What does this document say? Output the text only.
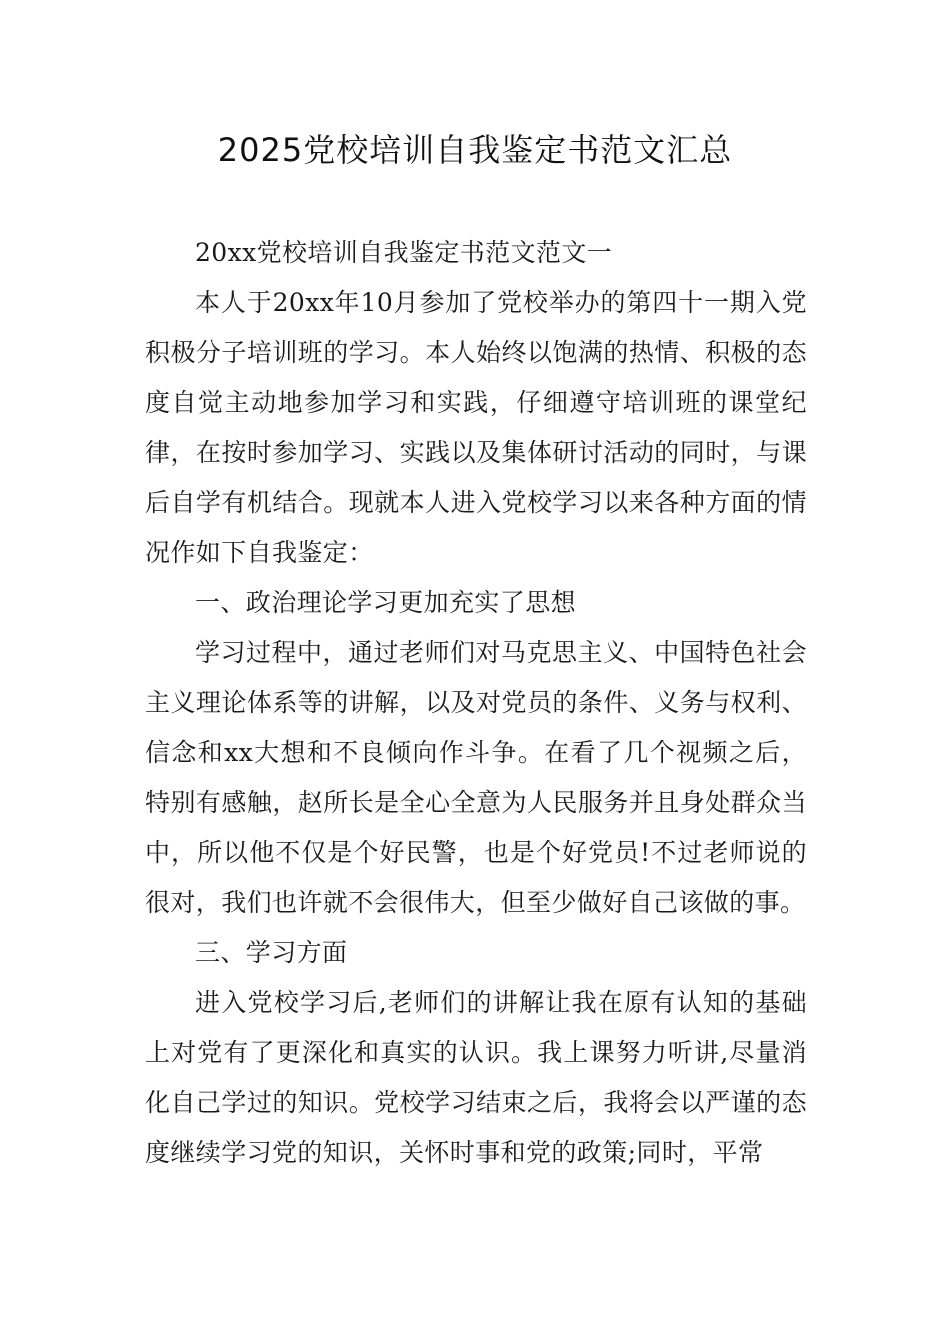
2025党校培训自我鉴定书范文汇总

20xx党校培训自我鉴定书范文范文一

本人于20xx年10月参加了党校举办的第四十一期入党积极分子培训班的学习。本人始终以饱满的热情、积极的态度自觉主动地参加学习和实践，仔细遵守培训班的课堂纪律，在按时参加学习、实践以及集体研讨活动的同时，与课后自学有机结合。现就本人进入党校学习以来各种方面的情况作如下自我鉴定：

一、政治理论学习更加充实了思想

学习过程中，通过老师们对马克思主义、中国特色社会主义理论体系等的讲解，以及对党员的条件、义务与权利、信念和xx大想和不良倾向作斗争。在看了几个视频之后，特别有感触，赵所长是全心全意为人民服务并且身处群众当中，所以他不仅是个好民警，也是个好党员!不过老师说的很对，我们也许就不会很伟大，但至少做好自己该做的事。

三、学习方面

进入党校学习后,老师们的讲解让我在原有认知的基础上对党有了更深化和真实的认识。我上课努力听讲,尽量消化自己学过的知识。党校学习结束之后，我将会以严谨的态度继续学习党的知识，关怀时事和党的政策;同时，平常
